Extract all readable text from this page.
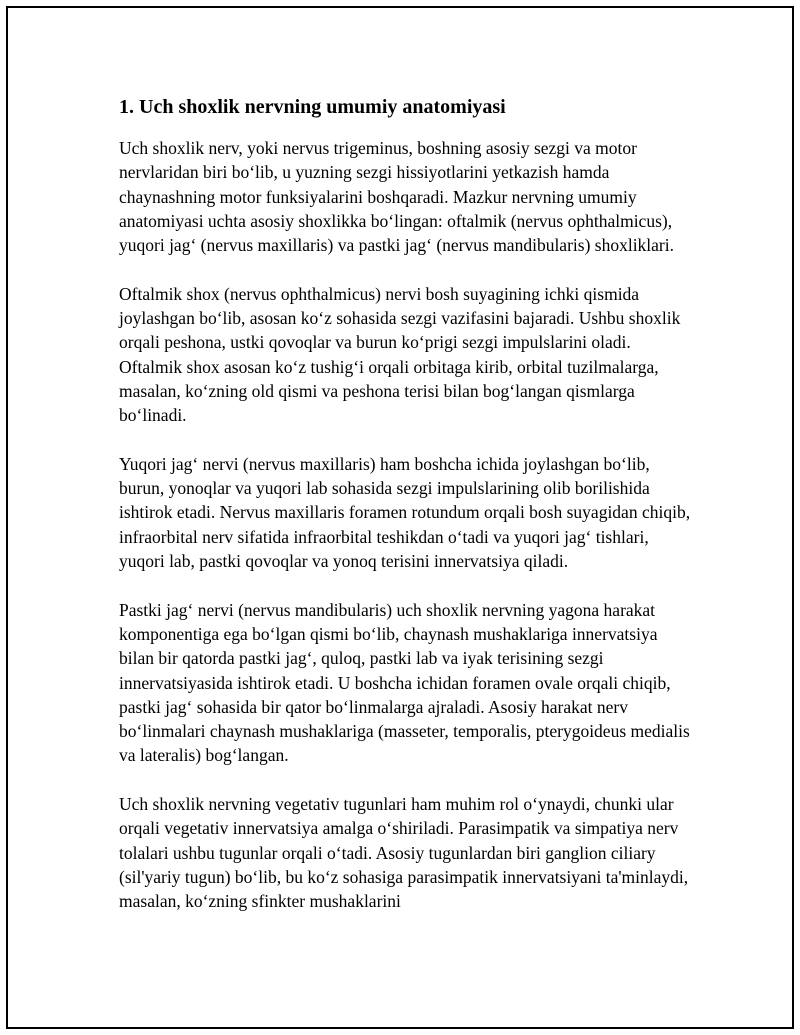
1. Uch shoxlik nervning umumiy anatomiyasi

Uch shoxlik nerv, yoki nervus trigeminus, boshning asosiy sezgi va motor nervlaridan biri bo‘lib, u yuzning sezgi hissiyotlarini yetkazish hamda chaynashning motor funksiyalarini boshqaradi. Mazkur nervning umumiy anatomiyasi uchta asosiy shoxlikka bo‘lingan: oftalmik (nervus ophthalmicus), yuqori jag‘ (nervus maxillaris) va pastki jag‘ (nervus mandibularis) shoxliklari.

Oftalmik shox (nervus ophthalmicus) nervi bosh suyagining ichki qismida joylashgan bo‘lib, asosan ko‘z sohasida sezgi vazifasini bajaradi. Ushbu shoxlik orqali peshona, ustki qovoqlar va burun ko‘prigi sezgi impulslarini oladi. Oftalmik shox asosan ko‘z tushig‘i orqali orbitaga kirib, orbital tuzilmalarga, masalan, ko‘zning old qismi va peshona terisi bilan bog‘langan qismlarga bo‘linadi.

Yuqori jag‘ nervi (nervus maxillaris) ham boshcha ichida joylashgan bo‘lib, burun, yonoqlar va yuqori lab sohasida sezgi impulslarining olib borilishida ishtirok etadi. Nervus maxillaris foramen rotundum orqali bosh suyagidan chiqib, infraorbital nerv sifatida infraorbital teshikdan o‘tadi va yuqori jag‘ tishlari, yuqori lab, pastki qovoqlar va yonoq terisini innervatsiya qiladi.

Pastki jag‘ nervi (nervus mandibularis) uch shoxlik nervning yagona harakat komponentiga ega bo‘lgan qismi bo‘lib, chaynash mushaklariga innervatsiya bilan bir qatorda pastki jag‘, quloq, pastki lab va iyak terisining sezgi innervatsiyasida ishtirok etadi. U boshcha ichidan foramen ovale orqali chiqib, pastki jag‘ sohasida bir qator bo‘linmalarga ajraladi. Asosiy harakat nerv bo‘linmalari chaynash mushaklariga (masseter, temporalis, pterygoideus medialis va lateralis) bog‘langan.

Uch shoxlik nervning vegetativ tugunlari ham muhim rol o‘ynaydi, chunki ular orqali vegetativ innervatsiya amalga o‘shiriladi. Parasimpatik va simpatiya nerv tolalari ushbu tugunlar orqali o‘tadi. Asosiy tugunlardan biri ganglion ciliary (sil'yariy tugun) bo‘lib, bu ko‘z sohasiga parasimpatik innervatsiyani ta'minlaydi, masalan, ko‘zning sfinkter mushaklarini
